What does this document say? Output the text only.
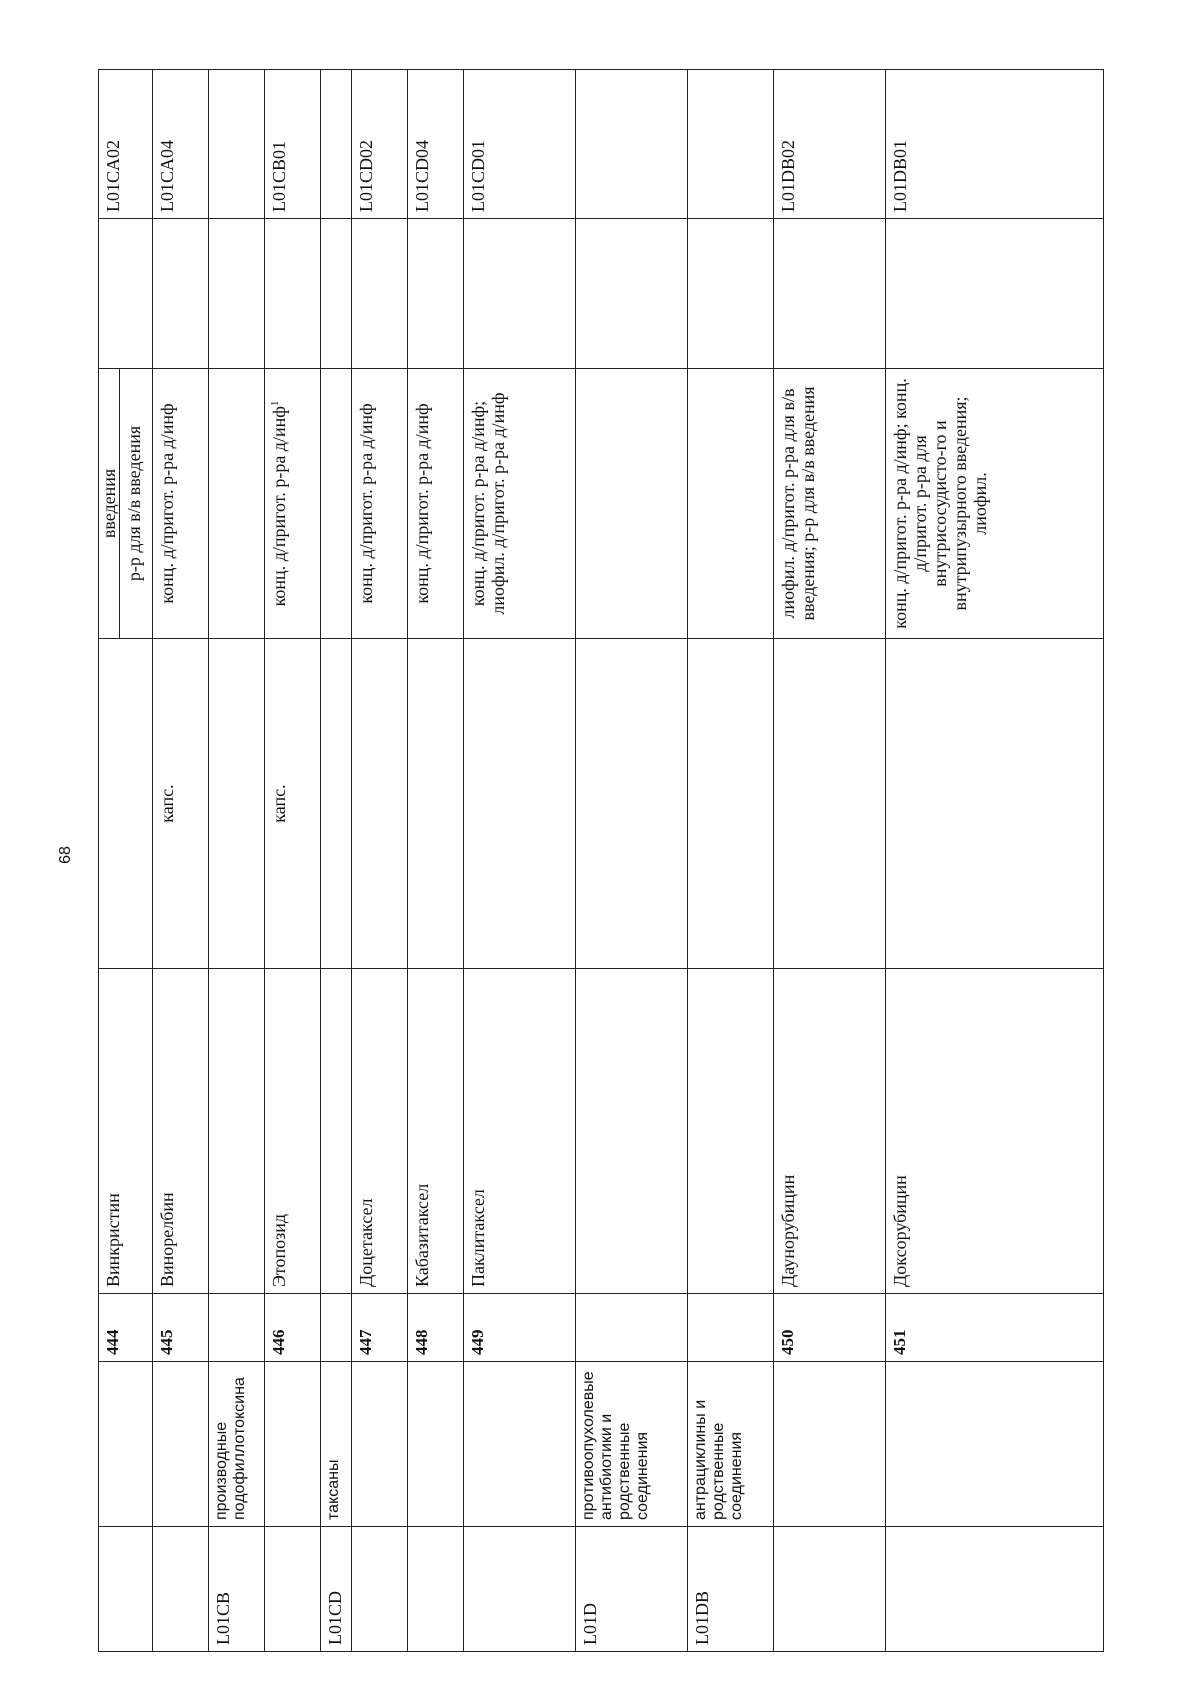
68
		444	Винкристин		введения р-р для в/в введения		L01CA02
		445	Винорелбин	капс.	конц. д/пригот. р-ра д/инф		L01CA04
L01CB	производные подофиллотоксина						
		446	Этопозид	капс.	конц. д/пригот. р-ра д/инф$^1$		L01CB01
L01CD	таксаны						
		447	Доцетаксел		конц. д/пригот. р-ра д/инф		L01CD02
		448	Кабазитаксел		конц. д/пригот. р-ра д/инф		L01CD04
		449	Паклитаксел		конц. д/пригот. р-ра д/инф; лиофил. д/пригот. р-ра д/инф		L01CD01
L01D	противоопухолевые антибиотики и родственные соединения						
L01DB	антрациклины и родственные соединения						
		450	Даунорубицин		лиофил. д/пригот. р-ра для в/в введения; р-р для в/в введения		L01DB02
		451	Доксорубицин		конц. д/пригот. р-ра д/инф; конц. д/пригот. р-ра для внутрисосудисто-го и внутрипузырного введения; лиофил.		L01DB01
